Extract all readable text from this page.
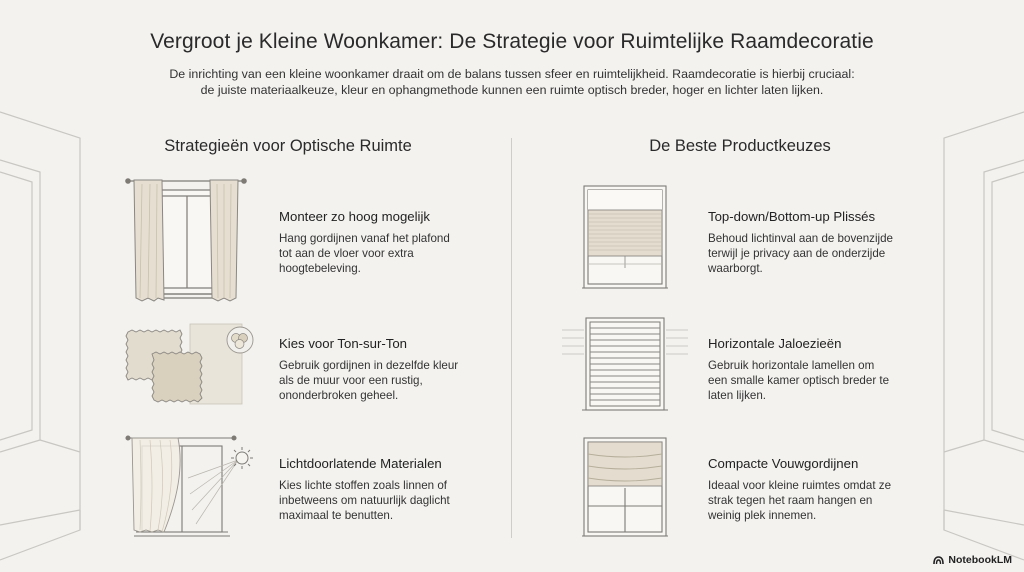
Vergroot je Kleine Woonkamer: De Strategie voor Ruimtelijke Raamdecoratie
De inrichting van een kleine woonkamer draait om de balans tussen sfeer en ruimtelijkheid. Raamdecoratie is hierbij cruciaal:
de juiste materiaalkeuze, kleur en ophangmethode kunnen een ruimte optisch breder, hoger en lichter laten lijken.
Strategieën voor Optische Ruimte	De Beste Productkeuzes
Monteer zo hoog mogelijk
Hang gordijnen vanaf het plafond
tot aan de vloer voor extra
hoogtebeleving.
Kies voor Ton-sur-Ton
Gebruik gordijnen in dezelfde kleur
als de muur voor een rustig,
ononderbroken geheel.
Lichtdoorlatende Materialen
Kies lichte stoffen zoals linnen of
inbetweens om natuurlijk daglicht
maximaal te benutten.
Top-down/Bottom-up Plissés
Behoud lichtinval aan de bovenzijde
terwijl je privacy aan de onderzijde
waarborgt.
Horizontale Jaloezieën
Gebruik horizontale lamellen om
een smalle kamer optisch breder te
laten lijken.
Compacte Vouwgordijnen
Ideaal voor kleine ruimtes omdat ze
strak tegen het raam hangen en
weinig plek innemen.
NotebookLM
